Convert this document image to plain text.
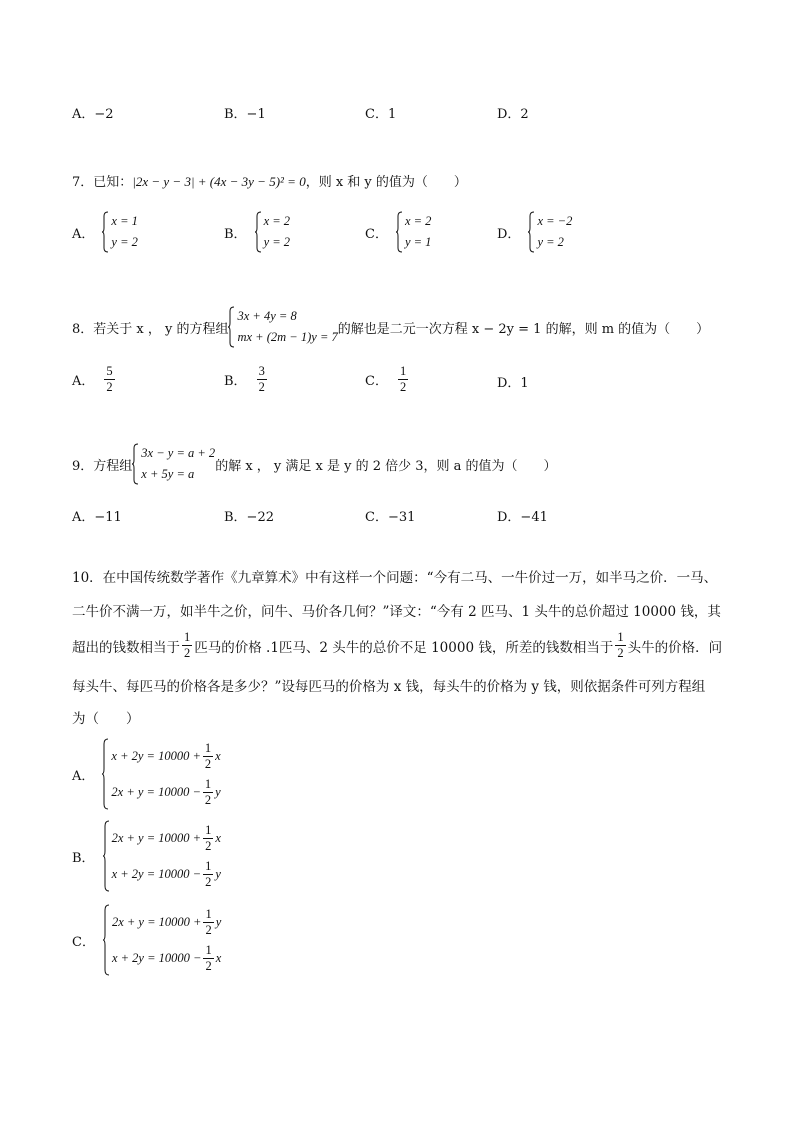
A．−2	B．−1	C．1	D．2
7．已知：|2x − y − 3| + (4x − 3y − 5)² = 0，则 x 和 y 的值为（　　）
A．
x = 1
y = 2
B．
x = 2
y = 2
C．
x = 2
y = 1
D．
x = −2
y = 2
8．若关于 x ， y 的方程组
3x + 4y = 8
mx + (2m − 1)y = 7
的解也是二元一次方程 x − 2y = 1 的解，则 m 的值为（　　）
A． $\frac{5}{2}$	B． $\frac{3}{2}$	C． $\frac{1}{2}$	D．1
9．方程组
3x − y = a + 2
x + 5y = a
的解 x ， y 满足 x 是 y 的 2 倍少 3，则 a 的值为（　　）
A．−11	B．−22	C．−31	D．−41
10．在中国传统数学著作《九章算术》中有这样一个问题：“今有二马、一牛价过一万，如半马之价．一马、
二牛价不满一万，如半牛之价，问牛、马价各几何？”译文：“今有 2 匹马、1 头牛的总价超过 10000 钱，其
超出的钱数相当于 $\frac{1}{2}$ 匹马的价格 .1匹马、2 头牛的总价不足 10000 钱，所差的钱数相当于 $\frac{1}{2}$ 头牛的价格．问
每头牛、每匹马的价格各是多少？”设每匹马的价格为 x 钱，每头牛的价格为 y 钱，则依据条件可列方程组
为（　　）
A．
$x + 2y = 10000 + \frac{1}{2}$ x
$2x + y = 10000 - \frac{1}{2}$ y
B．
$2x + y = 10000 + \frac{1}{2}$ x
$x + 2y = 10000 - \frac{1}{2}$ y
C．
$2x + y = 10000 + \frac{1}{2}$ y
$x + 2y = 10000 - \frac{1}{2}$ x
